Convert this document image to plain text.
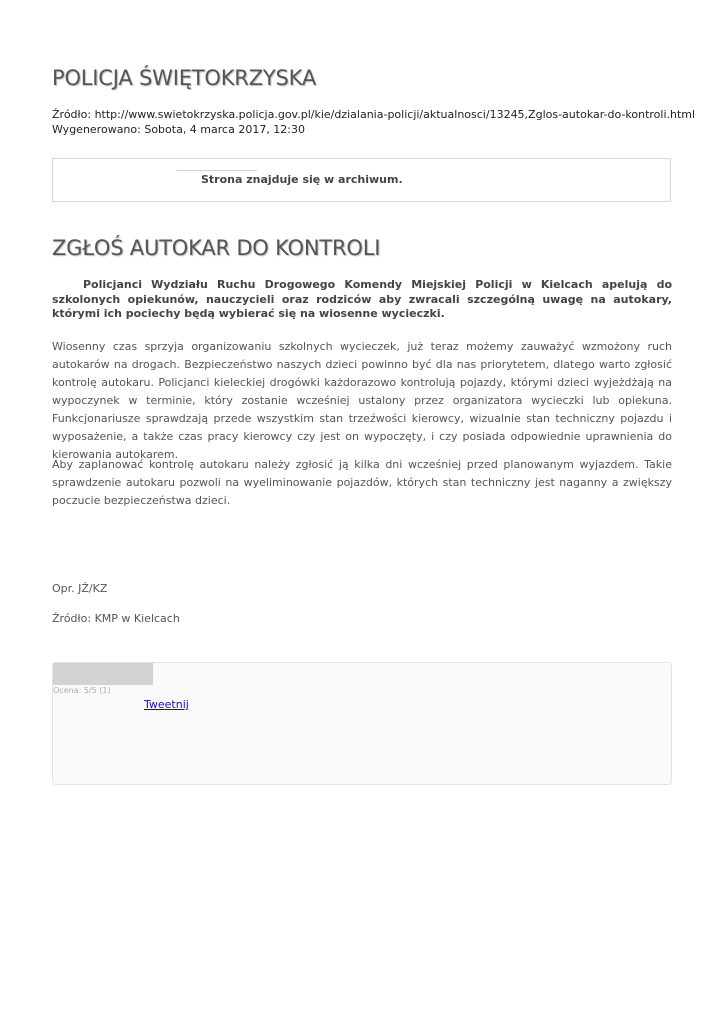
POLICJA ŚWIĘTOKRZYSKA
Źródło: http://www.swietokrzyska.policja.gov.pl/kie/dzialania-policji/aktualnosci/13245,Zglos-autokar-do-kontroli.html
Wygenerowano: Sobota, 4 marca 2017, 12:30
Strona znajduje się w archiwum.
ZGŁOŚ AUTOKAR DO KONTROLI

Policjanci Wydziału Ruchu Drogowego Komendy Miejskiej Policji w Kielcach apelują do szkolonych opiekunów, nauczycieli oraz rodziców aby zwracali szczególną uwagę na autokary, którymi ich pociechy będą wybierać się na wiosenne wycieczki.

Wiosenny czas sprzyja organizowaniu szkolnych wycieczek, już teraz możemy zauważyć wzmożony ruch autokarów na drogach. Bezpieczeństwo naszych dzieci powinno być dla nas priorytetem, dlatego warto zgłosić kontrolę autokaru. Policjanci kieleckiej drogówki każdorazowo kontrolują pojazdy, którymi dzieci wyjeżdżają na wypoczynek w terminie, który zostanie wcześniej ustalony przez organizatora wycieczki lub opiekuna. Funkcjonariusze sprawdzają przede wszystkim stan trzeźwości kierowcy, wizualnie stan techniczny pojazdu i wyposażenie, a także czas pracy kierowcy czy jest on wypoczęty, i czy posiada odpowiednie uprawnienia do kierowania autokarem.

Aby zaplanować kontrolę autokaru należy zgłosić ją kilka dni wcześniej przed planowanym wyjazdem. Takie sprawdzenie autokaru pozwoli na wyeliminowanie pojazdów, których stan techniczny jest naganny a zwiększy poczucie bezpieczeństwa dzieci.

Opr. JŻ/KZ
Źródło: KMP w Kielcach
Ocena: 5/5 (1)
Tweetnij
